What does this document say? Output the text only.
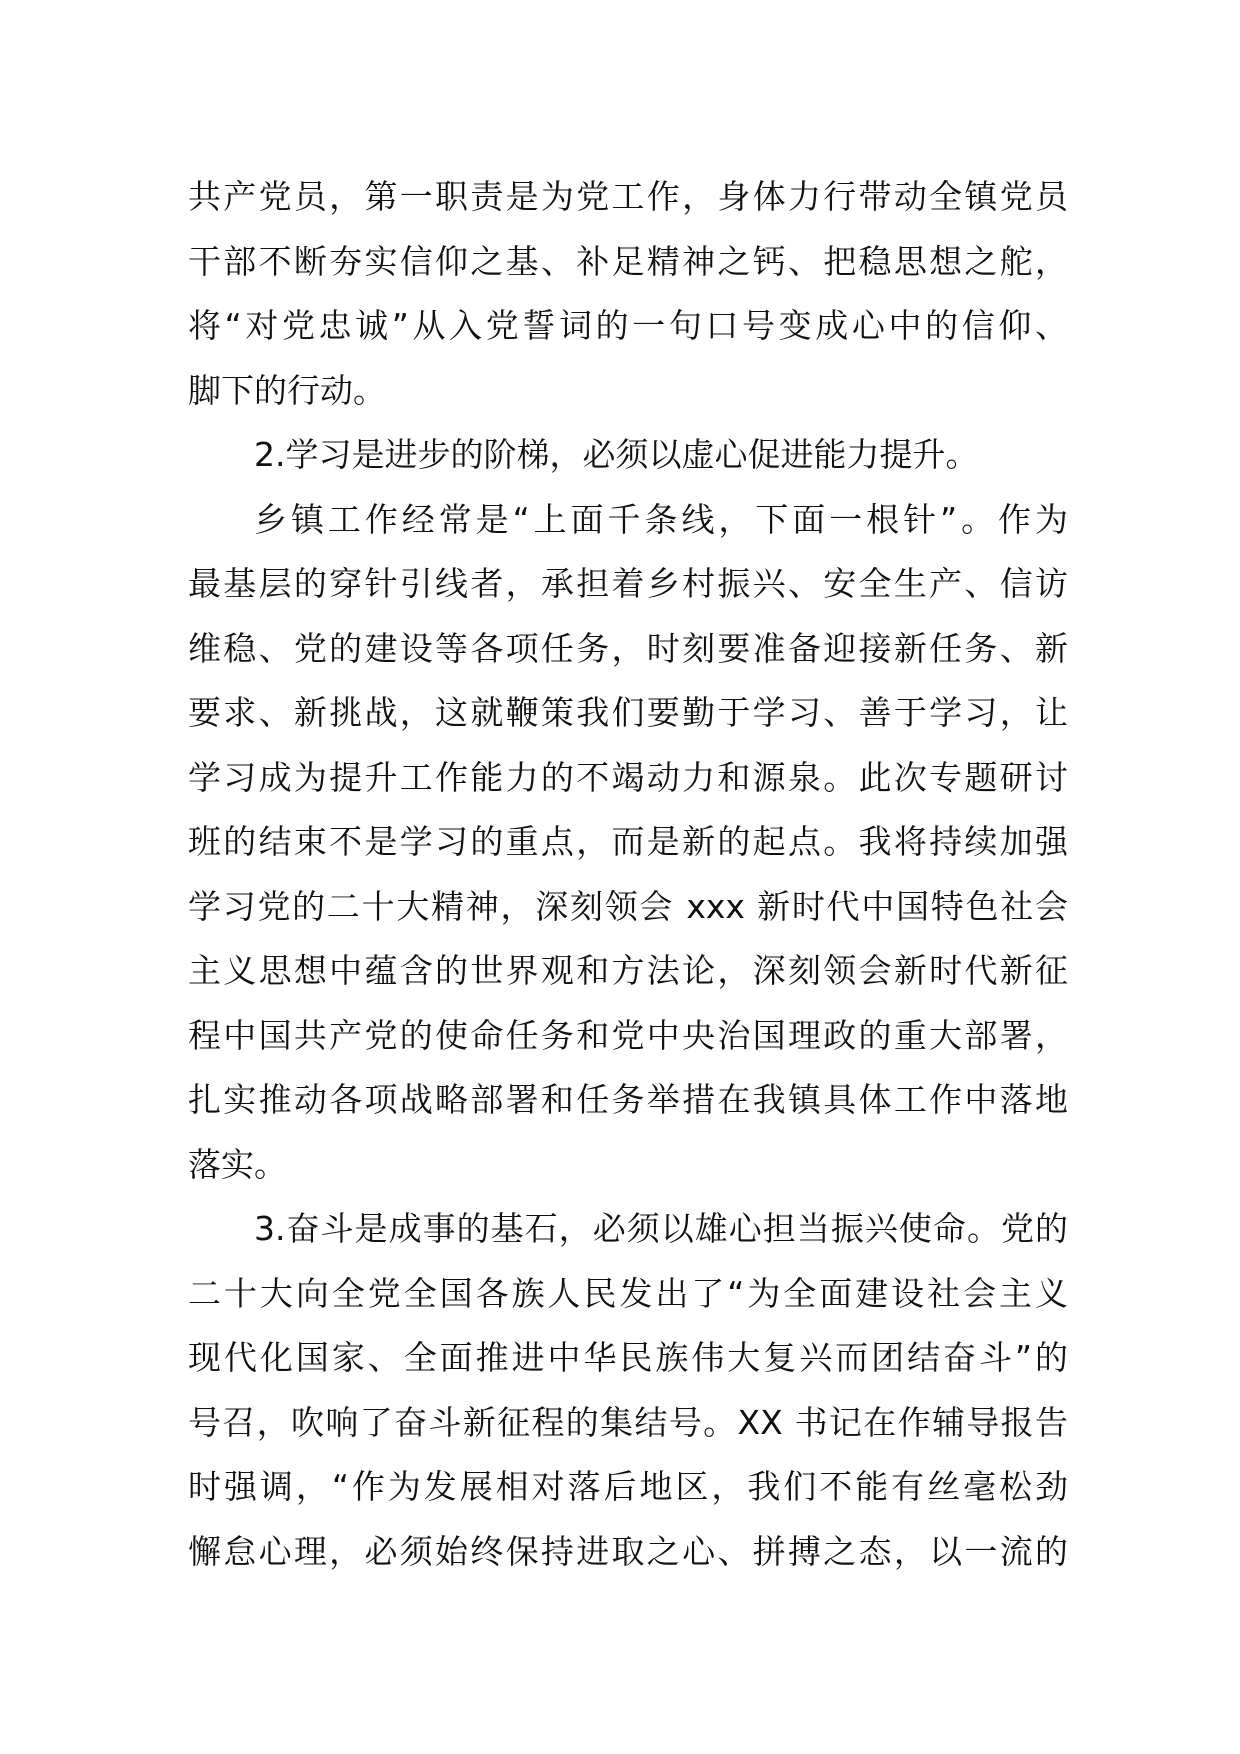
共产党员，第一职责是为党工作，身体力行带动全镇党员
干部不断夯实信仰之基、补足精神之钙、把稳思想之舵，
将“对党忠诚”从入党誓词的一句口号变成心中的信仰、
脚下的行动。
2.学习是进步的阶梯，必须以虚心促进能力提升。
乡镇工作经常是“上面千条线，下面一根针”。作为
最基层的穿针引线者，承担着乡村振兴、安全生产、信访
维稳、党的建设等各项任务，时刻要准备迎接新任务、新
要求、新挑战，这就鞭策我们要勤于学习、善于学习，让
学习成为提升工作能力的不竭动力和源泉。此次专题研讨
班的结束不是学习的重点，而是新的起点。我将持续加强
学习党的二十大精神，深刻领会 xxx 新时代中国特色社会
主义思想中蕴含的世界观和方法论，深刻领会新时代新征
程中国共产党的使命任务和党中央治国理政的重大部署，
扎实推动各项战略部署和任务举措在我镇具体工作中落地
落实。
3.奋斗是成事的基石，必须以雄心担当振兴使命。党的
二十大向全党全国各族人民发出了“为全面建设社会主义
现代化国家、全面推进中华民族伟大复兴而团结奋斗”的
号召，吹响了奋斗新征程的集结号。XX 书记在作辅导报告
时强调，“作为发展相对落后地区，我们不能有丝毫松劲
懈怠心理，必须始终保持进取之心、拼搏之态，以一流的
